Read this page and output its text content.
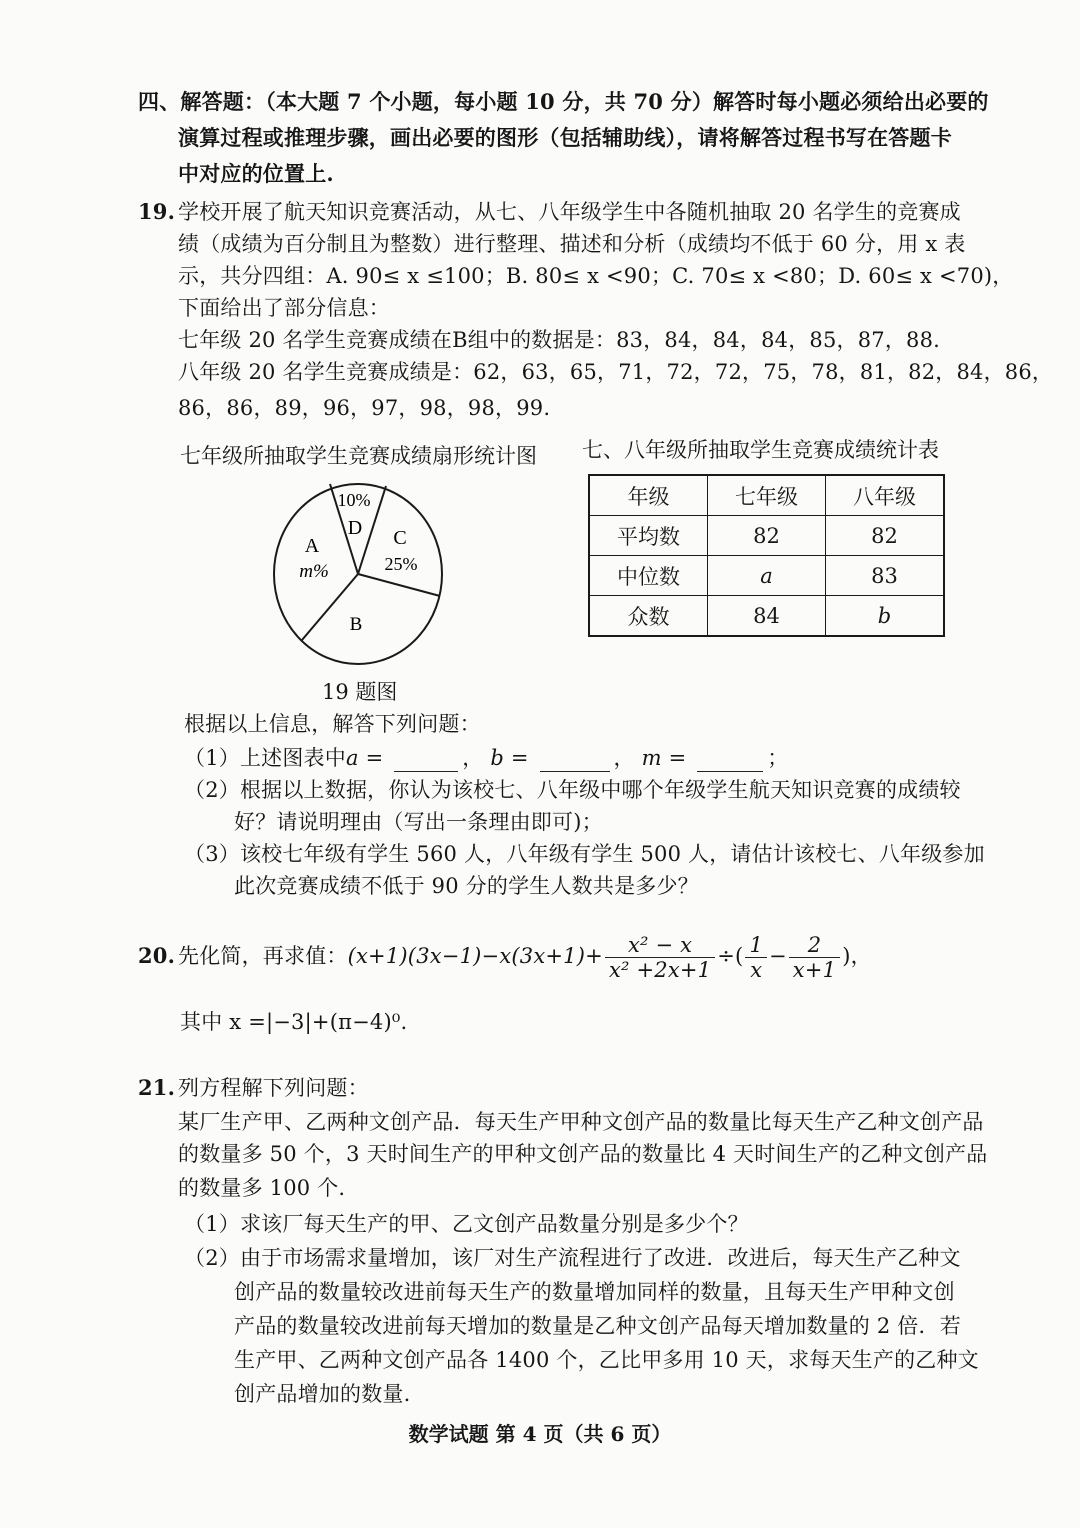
四、解答题：（本大题 7 个小题，每小题 10 分，共 70 分）解答时每小题必须给出必要的
演算过程或推理步骤，画出必要的图形（包括辅助线），请将解答过程书写在答题卡
中对应的位置上.
19. 学校开展了航天知识竞赛活动，从七、八年级学生中各随机抽取 20 名学生的竞赛成
绩（成绩为百分制且为整数）进行整理、描述和分析（成绩均不低于 60 分，用 x 表
示，共分四组：A. 90≤ x ≤100；B. 80≤ x <90；C. 70≤ x <80；D. 60≤ x <70)，
下面给出了部分信息：
七年级 20 名学生竞赛成绩在B组中的数据是：83，84，84，84，85，87，88.
八年级 20 名学生竞赛成绩是：62，63，65，71，72，72，75，78，81，82，84，86，
86，86，89，96，97，98，98，99.
七年级所抽取学生竞赛成绩扇形统计图 七、八年级所抽取学生竞赛成绩统计表
A
m%
B
C
25%
D
10%	年级	七年级	八年级
平均数	82	82
中位数	a	83
众数	84	b
19 题图
根据以上信息，解答下列问题：
（1）上述图表中a =	， b =	， m =	；
（2）根据以上数据，你认为该校七、八年级中哪个年级学生航天知识竞赛的成绩较
好？请说明理由（写出一条理由即可)；
（3）该校七年级有学生 560 人，八年级有学生 500 人，请估计该校七、八年级参加
此次竞赛成绩不低于 90 分的学生人数共是多少？
20. 先化简，再求值：$(x+1)(3x-1)-x(3x+1)+ \frac{\text{x² − x}}{\text{x² +2x+1}}$ ÷( $\frac{1}{x} - \frac{2}{x+1}$ )，
其中 x =|−3|+(π−4)⁰.
21. 列方程解下列问题：
某厂生产甲、乙两种文创产品．每天生产甲种文创产品的数量比每天生产乙种文创产品
的数量多 50 个，3 天时间生产的甲种文创产品的数量比 4 天时间生产的乙种文创产品
的数量多 100 个.
（1）求该厂每天生产的甲、乙文创产品数量分别是多少个？
（2）由于市场需求量增加，该厂对生产流程进行了改进．改进后，每天生产乙种文
创产品的数量较改进前每天生产的数量增加同样的数量，且每天生产甲种文创
产品的数量较改进前每天增加的数量是乙种文创产品每天增加数量的 2 倍．若
生产甲、乙两种文创产品各 1400 个，乙比甲多用 10 天，求每天生产的乙种文
创产品增加的数量.
数学试题 第 4 页（共 6 页）
